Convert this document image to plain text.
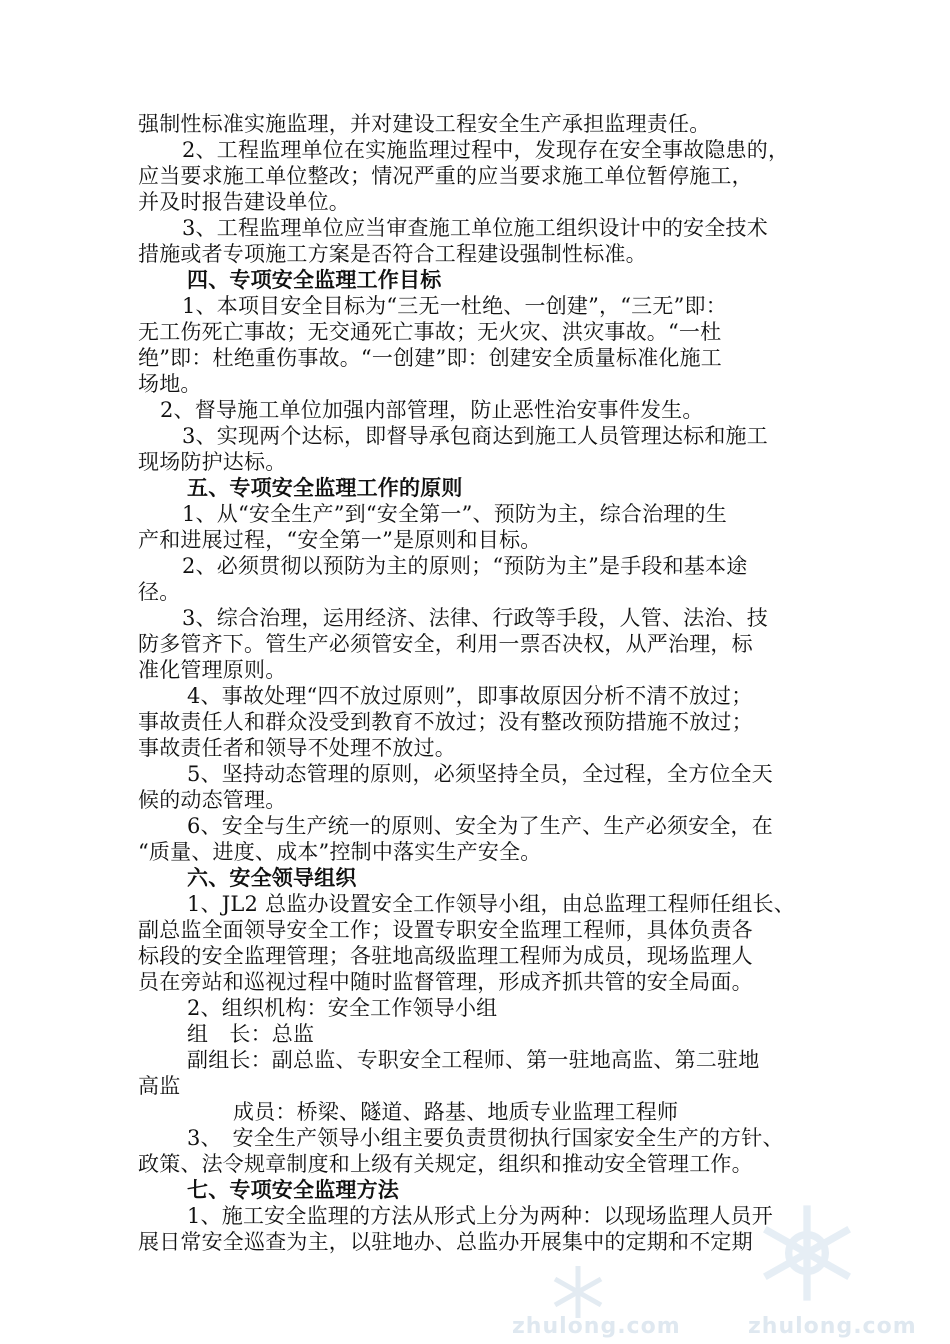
强制性标准实施监理，并对建设工程安全生产承担监理责任。
2、工程监理单位在实施监理过程中，发现存在安全事故隐患的，
应当要求施工单位整改；情况严重的应当要求施工单位暂停施工，
并及时报告建设单位。
3、工程监理单位应当审查施工单位施工组织设计中的安全技术
措施或者专项施工方案是否符合工程建设强制性标准。
四、专项安全监理工作目标
1、本项目安全目标为“三无一杜绝、一创建”，“三无”即：
无工伤死亡事故；无交通死亡事故；无火灾、洪灾事故。“一杜
绝”即：杜绝重伤事故。“一创建”即：创建安全质量标准化施工
场地。
2、督导施工单位加强内部管理，防止恶性治安事件发生。
3、实现两个达标，即督导承包商达到施工人员管理达标和施工
现场防护达标。
五、专项安全监理工作的原则
1、从“安全生产”到“安全第一”、预防为主，综合治理的生
产和进展过程，“安全第一”是原则和目标。
2、必须贯彻以预防为主的原则；“预防为主”是手段和基本途
径。
3、综合治理，运用经济、法律、行政等手段，人管、法治、技
防多管齐下。管生产必须管安全，利用一票否决权，从严治理，标
准化管理原则。
4、事故处理“四不放过原则”，即事故原因分析不清不放过；
事故责任人和群众没受到教育不放过；没有整改预防措施不放过；
事故责任者和领导不处理不放过。
5、坚持动态管理的原则，必须坚持全员，全过程，全方位全天
候的动态管理。
6、安全与生产统一的原则、安全为了生产、生产必须安全，在
“质量、进度、成本”控制中落实生产安全。
六、安全领导组织
1、JL2 总监办设置安全工作领导小组，由总监理工程师任组长、
副总监全面领导安全工作；设置专职安全监理工程师，具体负责各
标段的安全监理管理；各驻地高级监理工程师为成员，现场监理人
员在旁站和巡视过程中随时监督管理，形成齐抓共管的安全局面。
2、组织机构：安全工作领导小组
组　长：总监
副组长：副总监、专职安全工程师、第一驻地高监、第二驻地
高监
成员：桥梁、隧道、路基、地质专业监理工程师
3、　安全生产领导小组主要负责贯彻执行国家安全生产的方针、
政策、法令规章制度和上级有关规定，组织和推动安全管理工作。
七、专项安全监理方法
1、施工安全监理的方法从形式上分为两种：以现场监理人员开
展日常安全巡查为主，以驻地办、总监办开展集中的定期和不定期
zhulong.com	zhulong.com
